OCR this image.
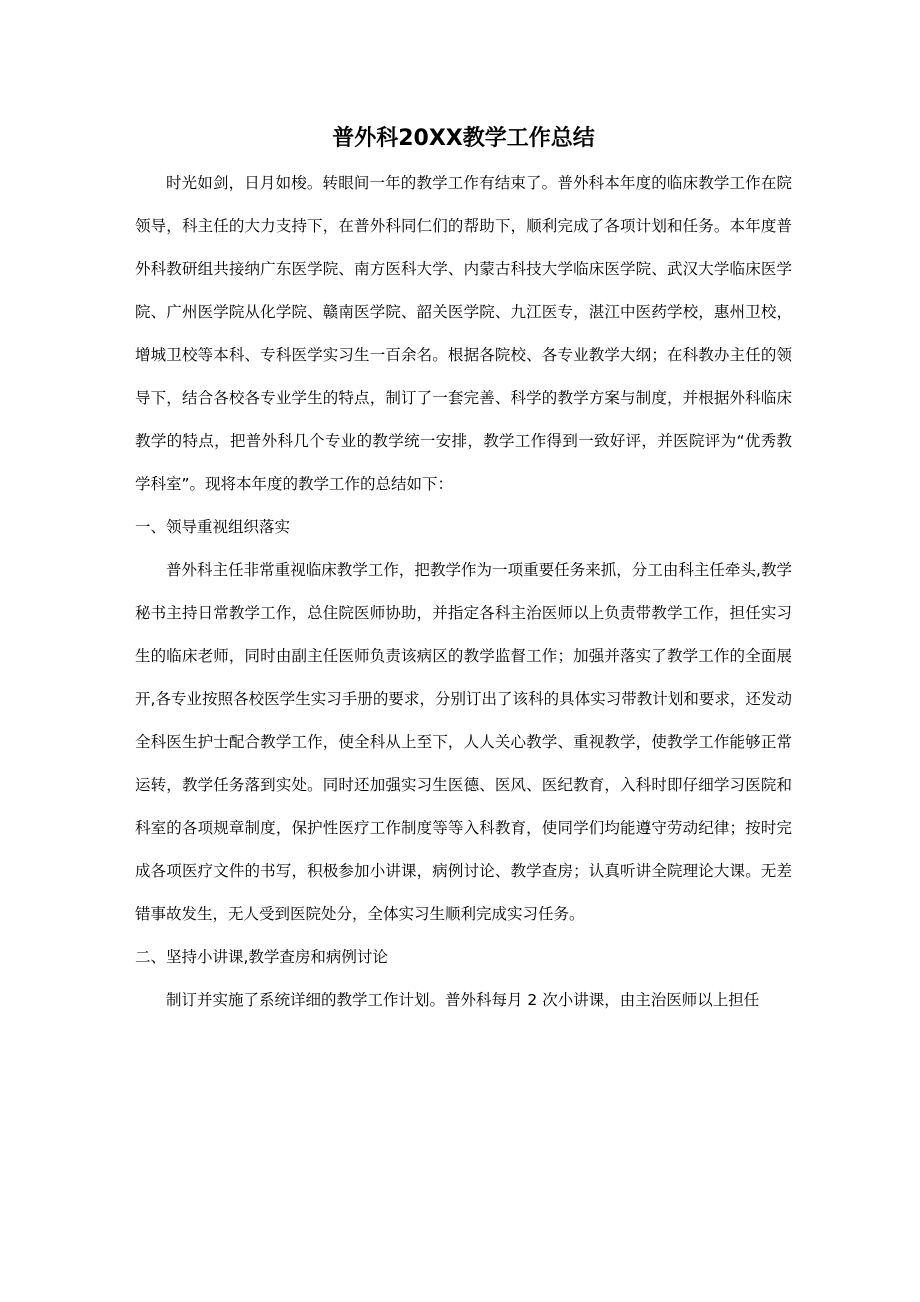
普外科20XX教学工作总结

时光如剑，日月如梭。转眼间一年的教学工作有结束了。普外科本年度的临床教学工作在院领导，科主任的大力支持下，在普外科同仁们的帮助下，顺利完成了各项计划和任务。本年度普外科教研组共接纳广东医学院、南方医科大学、内蒙古科技大学临床医学院、武汉大学临床医学院、广州医学院从化学院、赣南医学院、韶关医学院、九江医专，湛江中医药学校，惠州卫校，增城卫校等本科、专科医学实习生一百余名。根据各院校、各专业教学大纲；在科教办主任的领导下，结合各校各专业学生的特点，制订了一套完善、科学的教学方案与制度，并根据外科临床教学的特点，把普外科几个专业的教学统一安排，教学工作得到一致好评，并医院评为“优秀教学科室”。现将本年度的教学工作的总结如下：

一、领导重视组织落实

普外科主任非常重视临床教学工作，把教学作为一项重要任务来抓，分工由科主任牵头,教学秘书主持日常教学工作，总住院医师协助，并指定各科主治医师以上负责带教学工作，担任实习生的临床老师，同时由副主任医师负责该病区的教学监督工作；加强并落实了教学工作的全面展开,各专业按照各校医学生实习手册的要求，分别订出了该科的具体实习带教计划和要求，还发动全科医生护士配合教学工作，使全科从上至下，人人关心教学、重视教学，使教学工作能够正常运转，教学任务落到实处。同时还加强实习生医德、医风、医纪教育，入科时即仔细学习医院和科室的各项规章制度，保护性医疗工作制度等等入科教育，使同学们均能遵守劳动纪律；按时完成各项医疗文件的书写，积极参加小讲课，病例讨论、教学查房；认真听讲全院理论大课。无差错事故发生，无人受到医院处分，全体实习生顺利完成实习任务。

二、坚持小讲课,教学查房和病例讨论

制订并实施了系统详细的教学工作计划。普外科每月 2 次小讲课，由主治医师以上担任
